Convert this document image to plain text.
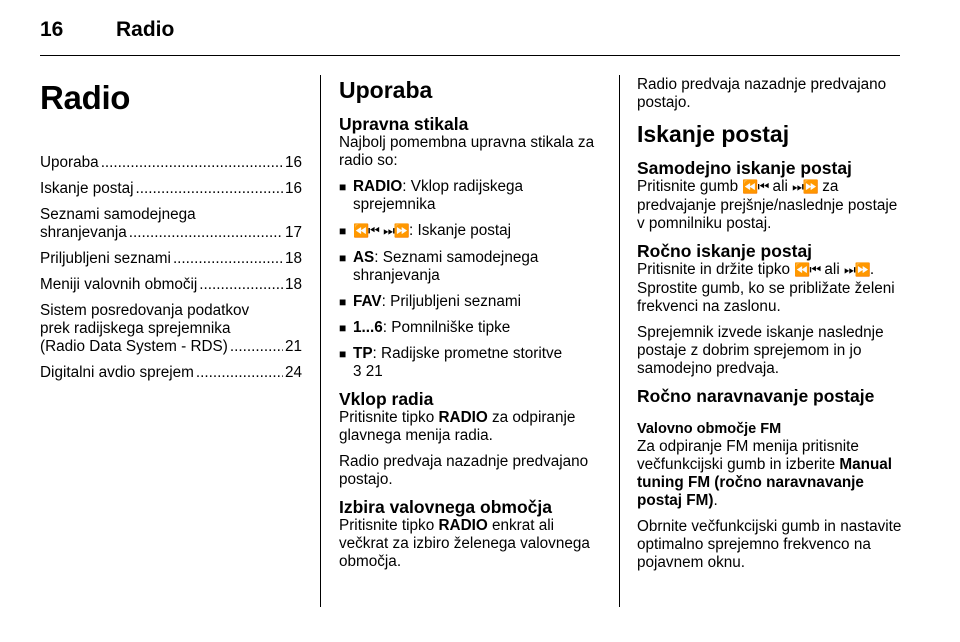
16	Radio
Radio
Uporaba .....	16
Iskanje postaj .....	16
Seznami samodejnega
shranjevanja .....	17
Priljubljeni seznami .....	18
Meniji valovnih območij .....	18
Sistem posredovanja podatkov
prek radijskega sprejemnika
(Radio Data System - RDS) .....	21
Digitalni avdio sprejem .....	24
Uporaba
Upravna stikala

Najbolj pomembna upravna stikala za radio so:

■ RADIO: Vklop radijskega sprejemnika
■ ⏪⏮ ⏭⏩: Iskanje postaj
■ AS: Seznami samodejnega shranjevanja
■ FAV: Priljubljeni seznami
■ 1...6: Pomnilniške tipke
■ TP: Radijske prometne storitve
3 21
Vklop radia

Pritisnite tipko RADIO za odpiranje glavnega menija radia.

Radio predvaja nazadnje predvajano postajo.

Izbira valovnega območja

Pritisnite tipko RADIO enkrat ali večkrat za izbiro želenega valovnega območja.

Radio predvaja nazadnje predvajano postajo.

Iskanje postaj
Samodejno iskanje postaj

Pritisnite gumb ⏪⏮ ali ⏭⏩ za predvajanje prejšnje/naslednje postaje v pomnilniku postaj.

Ročno iskanje postaj

Pritisnite in držite tipko ⏪⏮ ali ⏭⏩. Sprostite gumb, ko se približate želeni frekvenci na zaslonu.

Sprejemnik izvede iskanje naslednje postaje z dobrim sprejemom in jo samodejno predvaja.

Ročno naravnavanje postaje
Valovno območje FM

Za odpiranje FM menija pritisnite večfunkcijski gumb in izberite Manual tuning FM (ročno naravnavanje postaj FM).

Obrnite večfunkcijski gumb in nastavite optimalno sprejemno frekvenco na pojavnem oknu.
